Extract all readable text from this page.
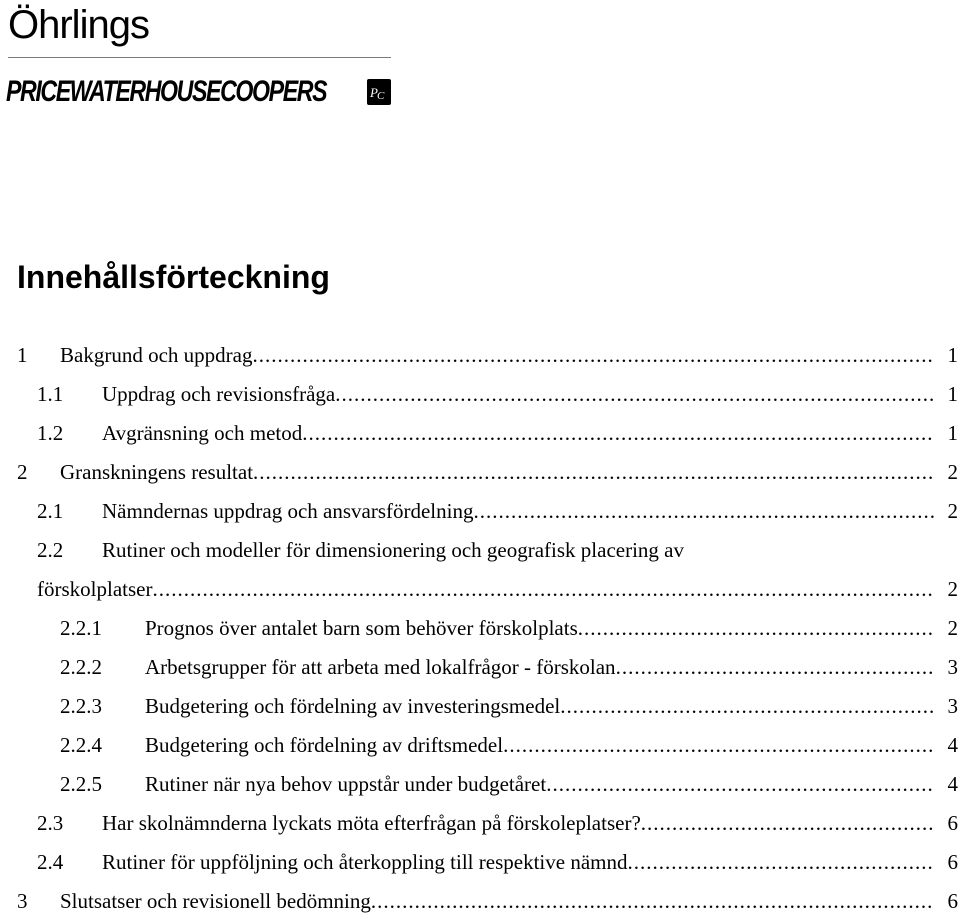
Öhrlings
PRICEWATERHOUSECOOPERS	P C
Innehållsförteckning
1 Bakgrund och uppdrag .....	1
1.1 Uppdrag och revisionsfråga .....	1
1.2 Avgränsning och metod .....	1
2 Granskningens resultat .....	2
2.1 Nämndernas uppdrag och ansvarsfördelning .....	2
2.2 Rutiner och modeller för dimensionering och geografisk placering av
förskolplatser .....	2
2.2.1 Prognos över antalet barn som behöver förskolplats .....	2
2.2.2 Arbetsgrupper för att arbeta med lokalfrågor - förskolan .....	3
2.2.3 Budgetering och fördelning av investeringsmedel .....	3
2.2.4 Budgetering och fördelning av driftsmedel .....	4
2.2.5 Rutiner när nya behov uppstår under budgetåret .....	4
2.3 Har skolnämnderna lyckats möta efterfrågan på förskoleplatser? .....	6
2.4 Rutiner för uppföljning och återkoppling till respektive nämnd .....	6
3 Slutsatser och revisionell bedömning .....	6
